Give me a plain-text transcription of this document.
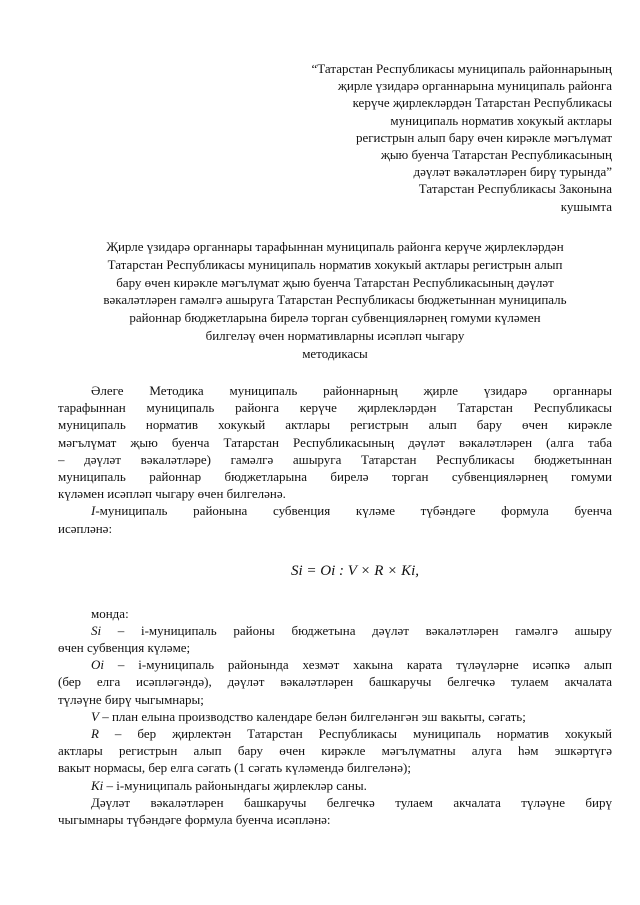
“Татарстан Республикасы муниципаль районнарының
җирле үзидарә органнарына муниципаль районга
керүче җирлекләрдән Татарстан Республикасы
муниципаль норматив хокукый актлары
регистрын алып бару өчен кирәкле мәгълүмат
җыю буенча Татарстан Республикасының
дәүләт вәкаләтләрен бирү турында”
Татарстан Республикасы Законына
кушымта
Җирле үзидарә органнары тарафыннан муниципаль районга керүче җирлекләрдән
Татарстан Республикасы муниципаль норматив хокукый актлары регистрын алып
бару өчен кирәкле мәгълүмат җыю буенча Татарстан Республикасының дәүләт
вәкаләтләрен гамәлгә ашыруга Татарстан Республикасы бюджетыннан муниципаль
районнар бюджетларына бирелә торган субвенцияләрнең гомуми күләмен
билгеләү өчен нормативларны исәпләп чыгару
методикасы
Әлеге Методика муниципаль районнарның җирле үзидарә органнары
тарафыннан муниципаль районга керүче җирлекләрдән Татарстан Республикасы
муниципаль норматив хокукый актлары регистрын алып бару өчен кирәкле
мәгълүмат җыю буенча Татарстан Республикасының дәүләт вәкаләтләрен (алга таба
– дәүләт вәкаләтләре) гамәлгә ашыруга Татарстан Республикасы бюджетыннан
муниципаль районнар бюджетларына бирелә торган субвенцияләрнең гомуми
күләмен исәпләп чыгару өчен билгеләнә.
I-муниципаль районына субвенция күләме түбәндәге формула буенча
исәпләнә:
Si = Oi : V × R × Ki,
монда:
Si – i-муниципаль районы бюджетына дәүләт вәкаләтләрен гамәлгә ашыру
өчен субвенция күләме;
Oi – i-муниципаль районында хезмәт хакына карата түләүләрне исәпкә алып
(бер елга исәпләгәндә), дәүләт вәкаләтләрен башкаручы белгечкә тулаем акчалата
түләүне бирү чыгымнары;
V – план елына производство календаре белән билгеләнгән эш вакыты, сәгать;
R – бер җирлектән Татарстан Республикасы муниципаль норматив хокукый
актлары регистрын алып бару өчен кирәкле мәгълүматны алуга һәм эшкәртүгә
вакыт нормасы, бер елга сәгать (1 сәгать күләмендә билгеләнә);
Ki – i-муниципаль районындагы җирлекләр саны.
Дәүләт вәкаләтләрен башкаручы белгечкә тулаем акчалата түләүне бирү
чыгымнары түбәндәге формула буенча исәпләнә:
